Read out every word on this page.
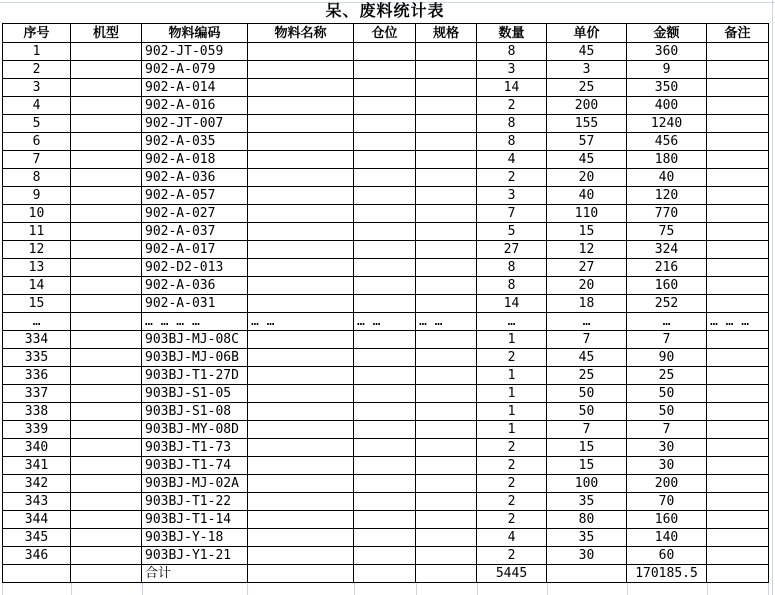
呆、废料统计表
序号	机型	物料编码	物料名称	仓位	规格	数量	单价	金额	备注
1		902-JT-059				8	45	360	
2		902-A-079				3	3	9	
3		902-A-014				14	25	350	
4		902-A-016				2	200	400	
5		902-JT-007				8	155	1240	
6		902-A-035				8	57	456	
7		902-A-018				4	45	180	
8		902-A-036				2	20	40	
9		902-A-057				3	40	120	
10		902-A-027				7	110	770	
11		902-A-037				5	15	75	
12		902-A-017				27	12	324	
13		902-D2-013				8	27	216	
14		902-A-036				8	20	160	
15		902-A-031				14	18	252	
…		… … … …	… …	… …	… …	…	…	…	… … …
334		903BJ-MJ-08C				1	7	7	
335		903BJ-MJ-06B				2	45	90	
336		903BJ-T1-27D				1	25	25	
337		903BJ-S1-05				1	50	50	
338		903BJ-S1-08				1	50	50	
339		903BJ-MY-08D				1	7	7	
340		903BJ-T1-73				2	15	30	
341		903BJ-T1-74				2	15	30	
342		903BJ-MJ-02A				2	100	200	
343		903BJ-T1-22				2	35	70	
344		903BJ-T1-14				2	80	160	
345		903BJ-Y-18				4	35	140	
346		903BJ-Y1-21				2	30	60	
		合计				5445		170185.5	
